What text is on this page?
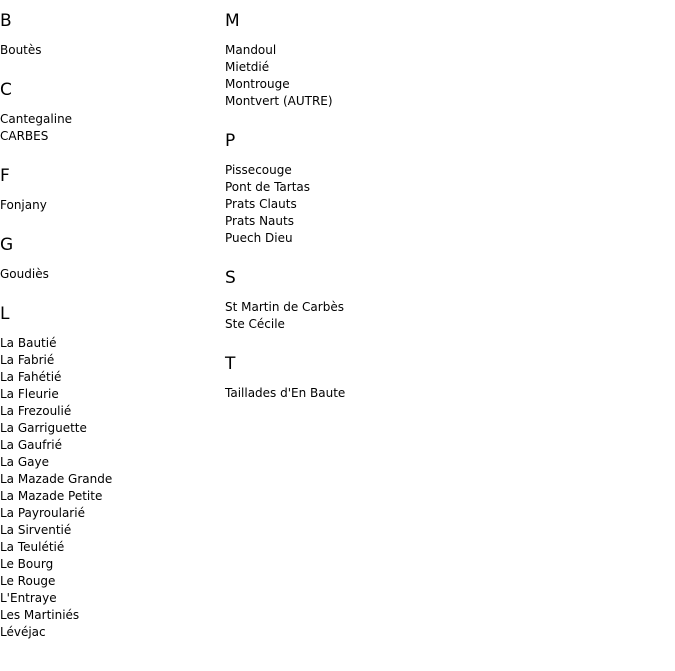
B
Boutès
C
Cantegaline
CARBES
F
Fonjany
G
Goudiès
L
La Bautié
La Fabrié
La Fahétié
La Fleurie
La Frezoulié
La Garriguette
La Gaufrié
La Gaye
La Mazade Grande
La Mazade Petite
La Payroularié
La Sirventié
La Teulétié
Le Bourg
Le Rouge
L'Entraye
Les Martiniés
Lévéjac
M
Mandoul
Mietdié
Montrouge
Montvert (AUTRE)
P
Pissecouge
Pont de Tartas
Prats Clauts
Prats Nauts
Puech Dieu
S
St Martin de Carbès
Ste Cécile
T
Taillades d'En Baute
